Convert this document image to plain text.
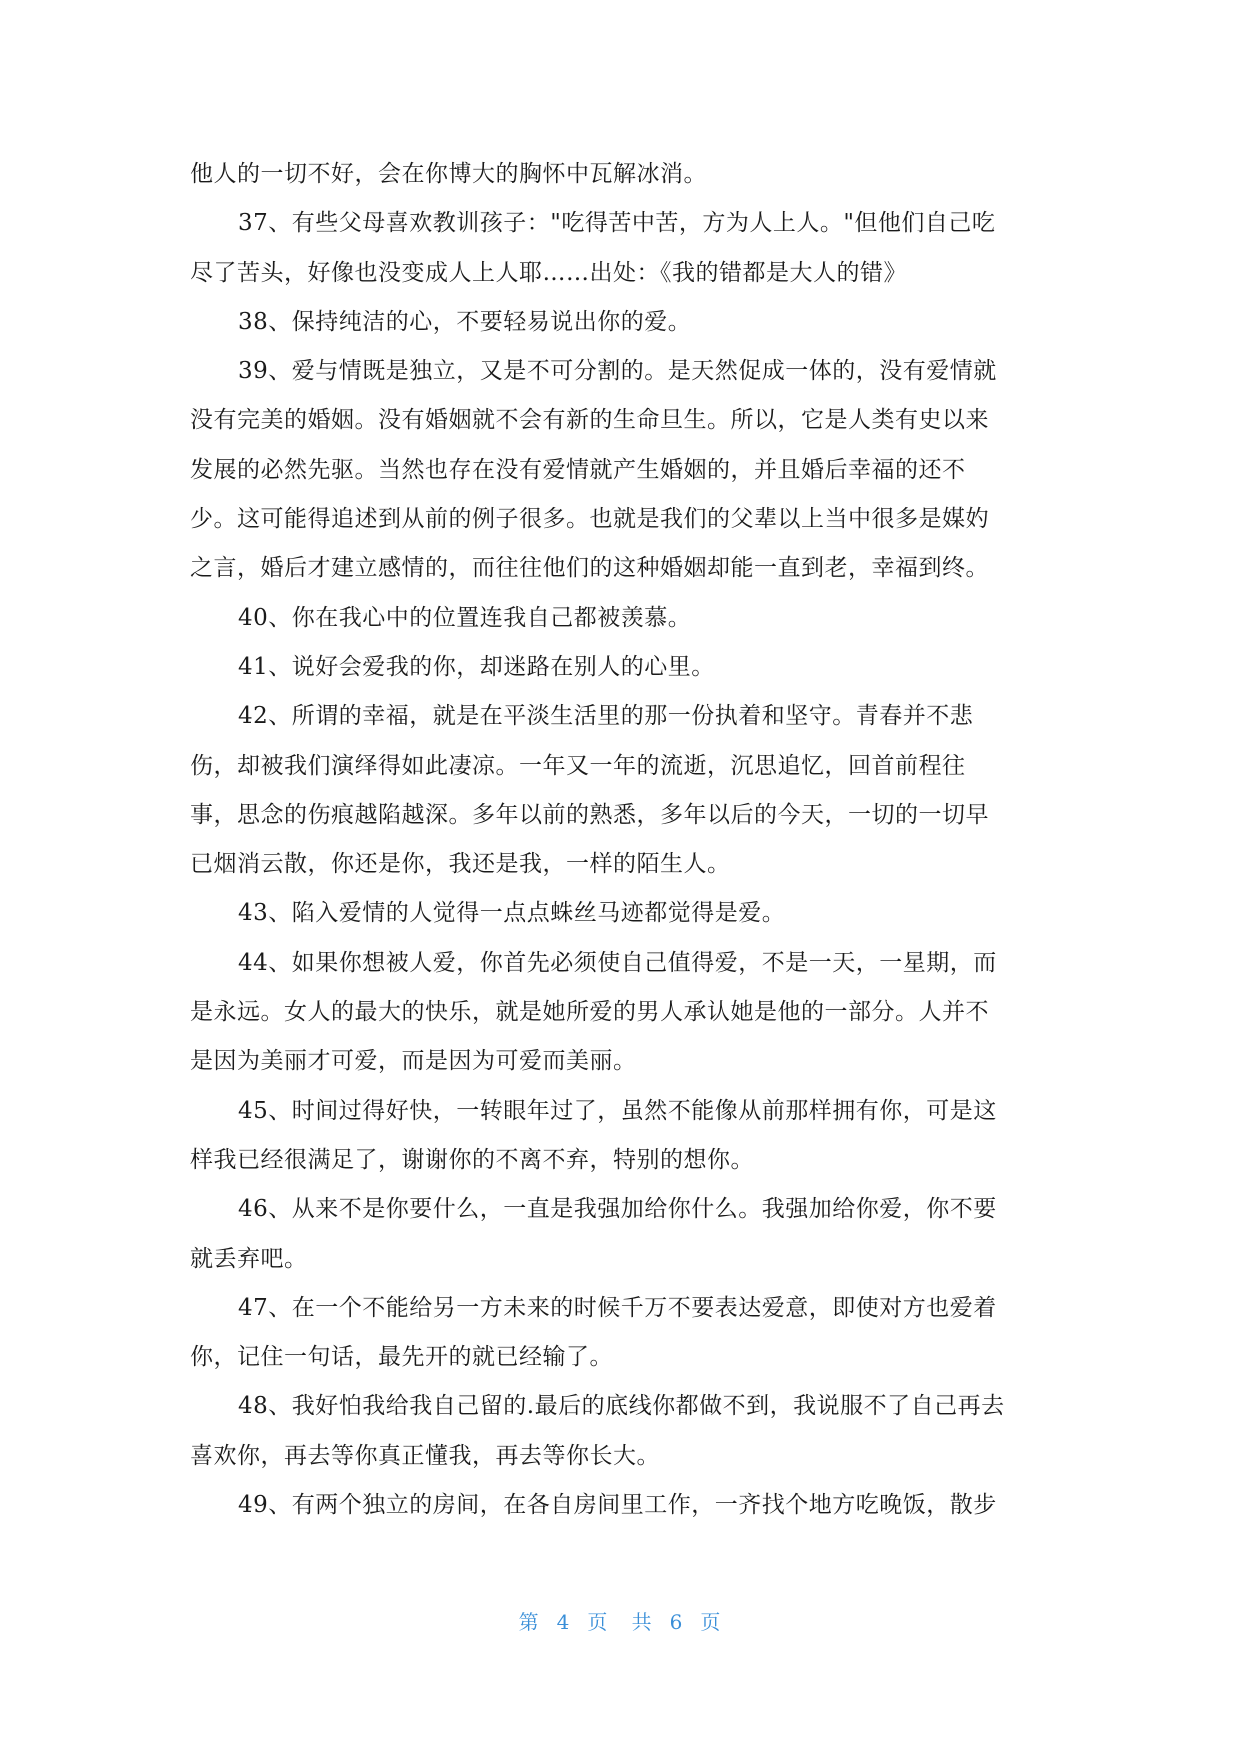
他人的一切不好，会在你博大的胸怀中瓦解冰消。
37、有些父母喜欢教训孩子："吃得苦中苦，方为人上人。"但他们自己吃
尽了苦头，好像也没变成人上人耶……出处：《我的错都是大人的错》
38、保持纯洁的心，不要轻易说出你的爱。
39、爱与情既是独立，又是不可分割的。是天然促成一体的，没有爱情就
没有完美的婚姻。没有婚姻就不会有新的生命旦生。所以，它是人类有史以来
发展的必然先驱。当然也存在没有爱情就产生婚姻的，并且婚后幸福的还不
少。这可能得追述到从前的例子很多。也就是我们的父辈以上当中很多是媒妁
之言，婚后才建立感情的，而往往他们的这种婚姻却能一直到老，幸福到终。
40、你在我心中的位置连我自己都被羡慕。
41、说好会爱我的你，却迷路在别人的心里。
42、所谓的幸福，就是在平淡生活里的那一份执着和坚守。青春并不悲
伤，却被我们演绎得如此凄凉。一年又一年的流逝，沉思追忆，回首前程往
事，思念的伤痕越陷越深。多年以前的熟悉，多年以后的今天，一切的一切早
已烟消云散，你还是你，我还是我，一样的陌生人。
43、陷入爱情的人觉得一点点蛛丝马迹都觉得是爱。
44、如果你想被人爱，你首先必须使自己值得爱，不是一天，一星期，而
是永远。女人的最大的快乐，就是她所爱的男人承认她是他的一部分。人并不
是因为美丽才可爱，而是因为可爱而美丽。
45、时间过得好快，一转眼年过了，虽然不能像从前那样拥有你，可是这
样我已经很满足了，谢谢你的不离不弃，特别的想你。
46、从来不是你要什么，一直是我强加给你什么。我强加给你爱，你不要
就丢弃吧。
47、在一个不能给另一方未来的时候千万不要表达爱意，即使对方也爱着
你，记住一句话，最先开的就已经输了。
48、我好怕我给我自己留的.最后的底线你都做不到，我说服不了自己再去
喜欢你，再去等你真正懂我，再去等你长大。
49、有两个独立的房间，在各自房间里工作，一齐找个地方吃晚饭，散步
第 4 页 共 6 页
